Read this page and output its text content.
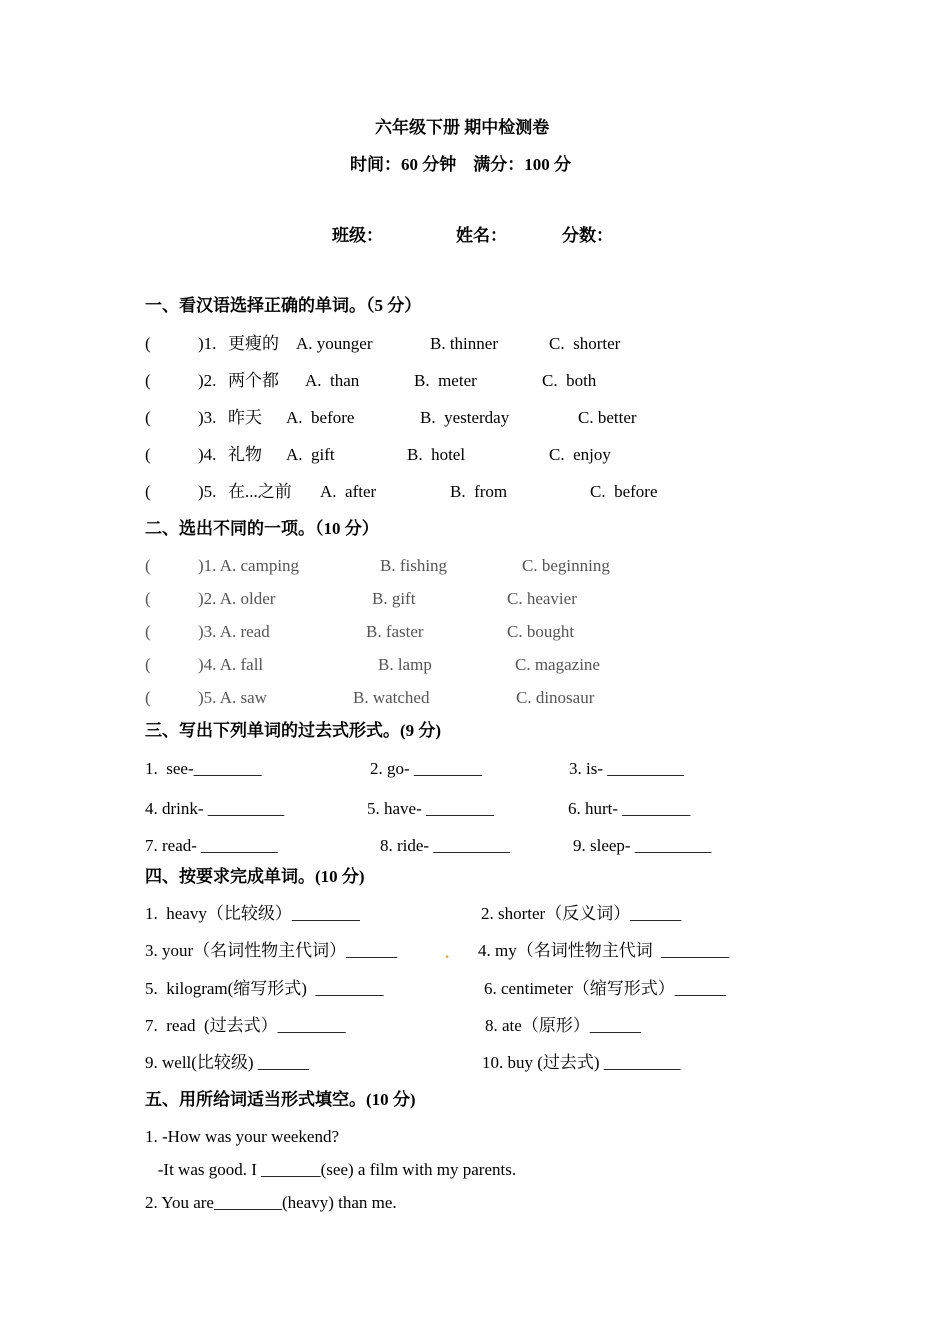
六年级下册 期中检测卷
时间：60 分钟    满分：100 分
班级：	姓名：	分数：
一、看汉语选择正确的单词。（5 分）
(	)1. 更瘦的 A. younger	B. thinner	C.  shorter
(	)2. 两个都 A.  than	B.  meter	C.  both
(	)3. 昨天 A.  before	B.  yesterday	C. better
(	)4. 礼物 A.  gift	B.  hotel	C.  enjoy
(	)5. 在...之前 A.  after	B.  from	C.  before
二、选出不同的一项。（10 分）
(	)1. A. camping	B. fishing	C. beginning
(	)2. A. older	B. gift	C. heavier
(	)3. A. read	B. faster	C. bought
(	)4. A. fall	B. lamp	C. magazine
(	)5. A. saw	B. watched	C. dinosaur
三、写出下列单词的过去式形式。(9 分)
1.  see-________	2. go- ________	3. is- _________
4. drink- _________	5. have- ________	6. hurt- ________
7. read- _________	8. ride- _________	9. sleep- _________
四、按要求完成单词。(10 分)
1.  heavy（比较级）________	2. shorter（反义词）______
3. your（名词性物主代词）______	. 4. my（名词性物主代词  ________
5.  kilogram(缩写形式)  ________	6. centimeter（缩写形式）______
7.  read  (过去式）________	8. ate（原形）______
9. well(比较级) ______	10. buy (过去式) _________
五、用所给词适当形式填空。(10 分)
1. -How was your weekend?
-It was good. I _______(see) a film with my parents.
2. You are________(heavy) than me.
